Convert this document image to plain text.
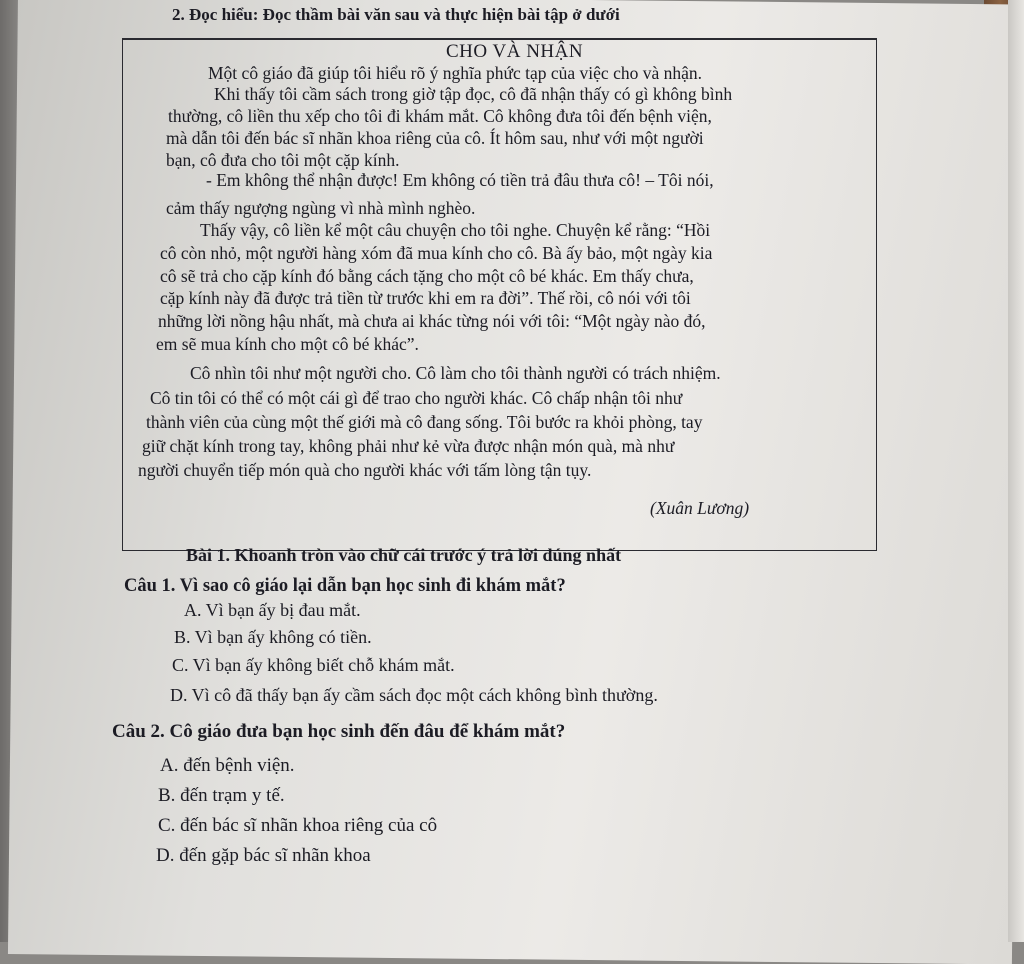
2. Đọc hiểu: Đọc thầm bài văn sau và thực hiện bài tập ở dưới
CHO VÀ NHẬN
Một cô giáo đã giúp tôi hiểu rõ ý nghĩa phức tạp của việc cho và nhận.
Khi thấy tôi cầm sách trong giờ tập đọc, cô đã nhận thấy có gì không bình
thường, cô liền thu xếp cho tôi đi khám mắt. Cô không đưa tôi đến bệnh viện,
mà dẫn tôi đến bác sĩ nhãn khoa riêng của cô. Ít hôm sau, như với một người
bạn, cô đưa cho tôi một cặp kính.
- Em không thể nhận được! Em không có tiền trả đâu thưa cô! – Tôi nói,
cảm thấy ngượng ngùng vì nhà mình nghèo.
Thấy vậy, cô liền kể một câu chuyện cho tôi nghe. Chuyện kể rằng: “Hồi
cô còn nhỏ, một người hàng xóm đã mua kính cho cô. Bà ấy bảo, một ngày kia
cô sẽ trả cho cặp kính đó bằng cách tặng cho một cô bé khác. Em thấy chưa,
cặp kính này đã được trả tiền từ trước khi em ra đời”. Thế rồi, cô nói với tôi
những lời nồng hậu nhất, mà chưa ai khác từng nói với tôi: “Một ngày nào đó,
em sẽ mua kính cho một cô bé khác”.
Cô nhìn tôi như một người cho. Cô làm cho tôi thành người có trách nhiệm.
Cô tin tôi có thể có một cái gì để trao cho người khác. Cô chấp nhận tôi như
thành viên của cùng một thế giới mà cô đang sống. Tôi bước ra khỏi phòng, tay
giữ chặt kính trong tay, không phải như kẻ vừa được nhận món quà, mà như
người chuyển tiếp món quà cho người khác với tấm lòng tận tụy.
(Xuân Lương)
Bài 1. Khoanh tròn vào chữ cái trước ý trả lời đúng nhất
Câu 1. Vì sao cô giáo lại dẫn bạn học sinh đi khám mắt?
A. Vì bạn ấy bị đau mắt.
B. Vì bạn ấy không có tiền.
C. Vì bạn ấy không biết chỗ khám mắt.
D. Vì cô đã thấy bạn ấy cầm sách đọc một cách không bình thường.
Câu 2. Cô giáo đưa bạn học sinh đến đâu để khám mắt?
A. đến bệnh viện.
B. đến trạm y tế.
C. đến bác sĩ nhãn khoa riêng của cô
D. đến gặp bác sĩ nhãn khoa
